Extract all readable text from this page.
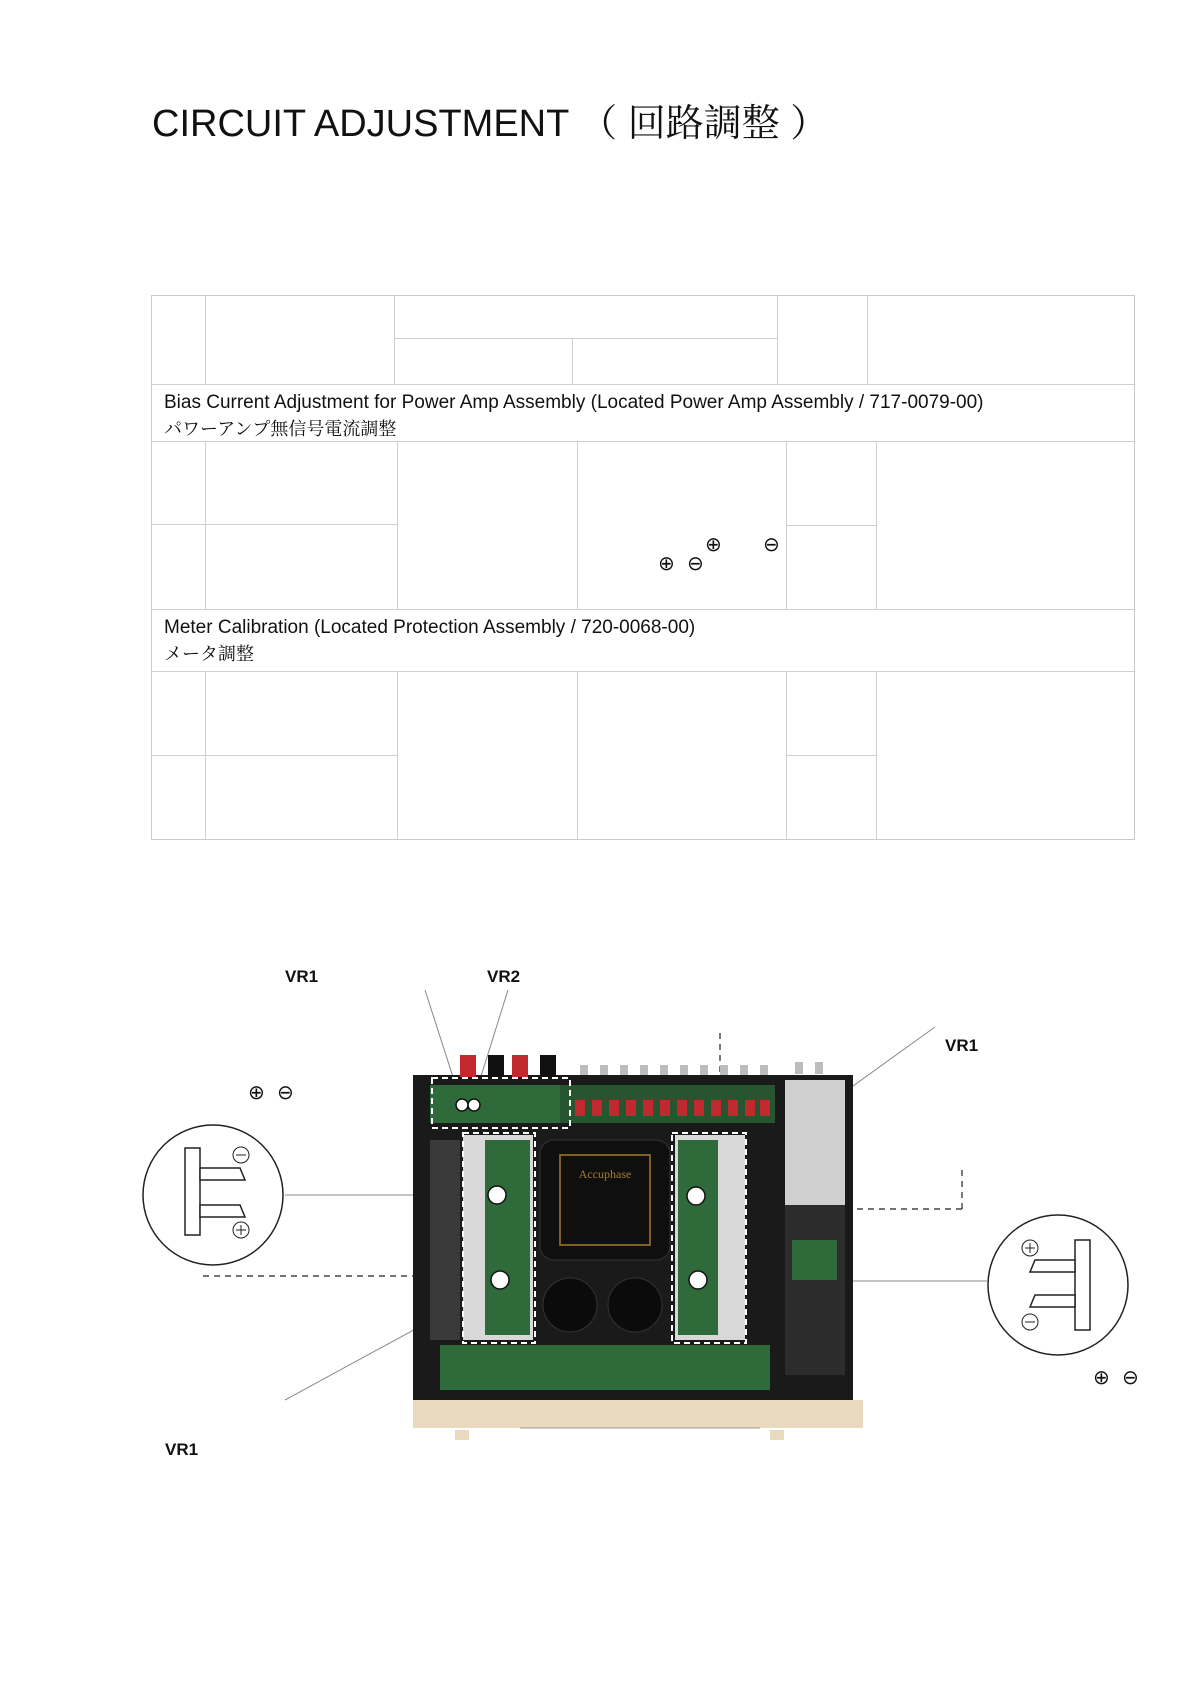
CIRCUIT ADJUSTMENT （ 回路調整 ）
Bias Current Adjustment for Power Amp Assembly (Located Power Amp Assembly / 717-0079-00)
パワーアンプ無信号電流調整
⊕ ⊖
⊕ ⊖
Meter Calibration (Located Protection Assembly / 720-0068-00)
メータ調整
VR1	VR2
VR1
VR1
⊕ ⊖
⊕ ⊖
Accuphase
